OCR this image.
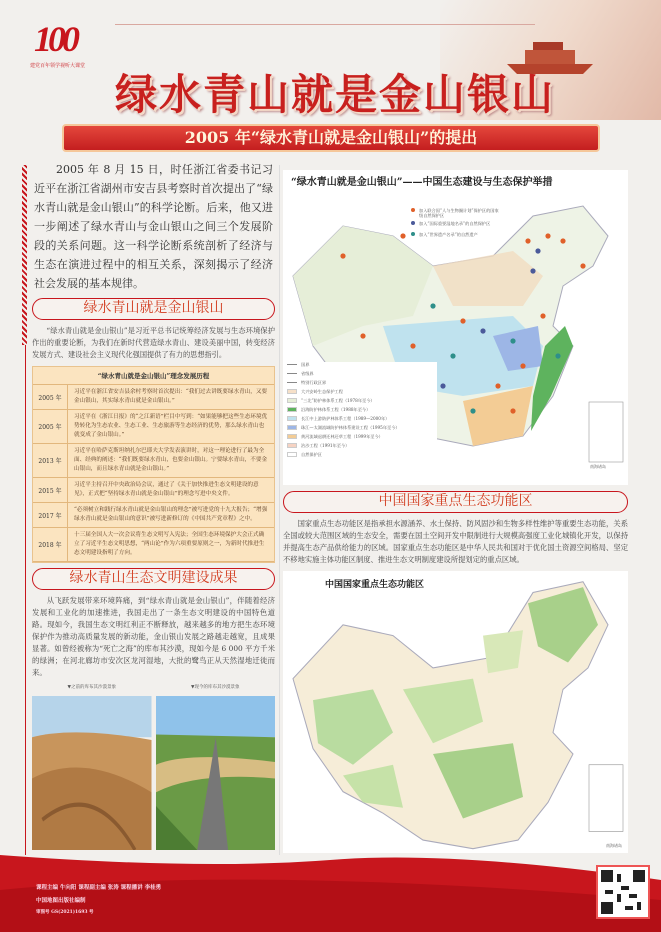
100
建党百年领学视听大课堂
绿水青山就是金山银山
2005 年“绿水青山就是金山银山”的提出

2005 年 8 月 15 日，时任浙江省委书记习近平在浙江省湖州市安吉县考察时首次提出了“绿水青山就是金山银山”的科学论断。后来，他又进一步阐述了绿水青山与金山银山之间三个发展阶段的关系问题。这一科学论断系统剖析了经济与生态在演进过程中的相互关系，深刻揭示了经济社会发展的基本规律。

绿水青山就是金山银山

“绿水青山就是金山银山”是习近平总书记统筹经济发展与生态环境保护作出的重要论断，为我们在新时代营造绿水青山、建设美丽中国，转变经济发展方式、建设社会主义现代化强国提供了有力的思想指引。

“绿水青山就是金山银山”理念发展历程
2005 年
习近平在浙江省安吉县余村考察时首次提出：“我们过去讲既要绿水青山，又要金山银山，其实绿水青山就是金山银山。”
2005 年
习近平在《浙江日报》的“之江新语”栏目中写到：“如果能够把这些生态环境优势转化为生态农业、生态工业、生态旅游等生态经济的优势，那么绿水青山也就变成了金山银山。”
2013 年
习近平在哈萨克斯坦纳扎尔巴耶夫大学发表演讲时，对这一理论进行了最为全面、经典的阐述：“我们既要绿水青山，也要金山银山。宁要绿水青山，不要金山银山，而且绿水青山就是金山银山。”
2015 年
习近平主持召开中央政治局会议，通过了《关于加快推进生态文明建设的意见》，正式把“坚持绿水青山就是金山银山”的理念写进中央文件。
2017 年
“必须树立和践行绿水青山就是金山银山的理念”被写进党的十九大报告；“增强绿水青山就是金山银山的意识”被写进新修订的《中国共产党章程》之中。
2018 年
十三届全国人大一次会议将生态文明写入宪法；全国生态环境保护大会正式确立了习近平生态文明思想，“两山论”作为六项重要原则之一，为新时代推进生态文明建设指明了方向。
绿水青山生态文明建设成果

从飞跃发展带来环境阵痛，到“绿水青山就是金山银山”，伴随着经济发展和工业化的加速推进，我国走出了一条生态文明建设的中国特色道路。现如今，我国生态文明红利正不断释放，越来越多的地方把生态环境保护作为推动高质量发展的新动能，金山银山发展之路越走越宽，且成果显著。如曾经被称为“死亡之海”的库布其沙漠，现如今是 6 000 平方千米的绿洲；在河北廊坊市安次区龙河湿地，大批的鹭鸟正从天然湿地迁徙而来。

▼之前的库布其沙漠景象	▼现今的库布其沙漠景象
“绿水青山就是金山银山”——中国生态建设与生态保护举措
南海诸岛
加入联合国“人与生物圈计划”保护区的国家级自然保护区
加入“国际重要湿地名录”的自然保护区
加入“世界遗产名录”的自然遗产
国界
省级界
特别行政区界
大兴安岭生态保护工程
“三北”防护林体系工程（1978年至今）
沿海防护林体系工程（1988年至今）
长江中上游防护林体系工程（1989—2000年）
珠江—太湖流域防护林体系建设工程（1995年至今）
黄河流域退耕还林还草工程（1999年至今）
治沙工程（1991年至今）
自然保护区
中国国家重点生态功能区

国家重点生态功能区是指承担水源涵养、水土保持、防风固沙和生物多样性维护等重要生态功能，关系全国或较大范围区域的生态安全，需要在国土空间开发中限制进行大规模高强度工业化城镇化开发，以保持并提高生态产品供给能力的区域。国家重点生态功能区是中华人民共和国对于优化国土资源空间格局、坚定不移地实施主体功能区制度、推进生态文明制度建设所提划定的重点区域。

中国国家重点生态功能区
南海诸岛
课程主编 牛向阳 课程副主编 张涛 课程播讲 李桂勇
中国地图出版社编制
审图号 GS(2021)1693 号
